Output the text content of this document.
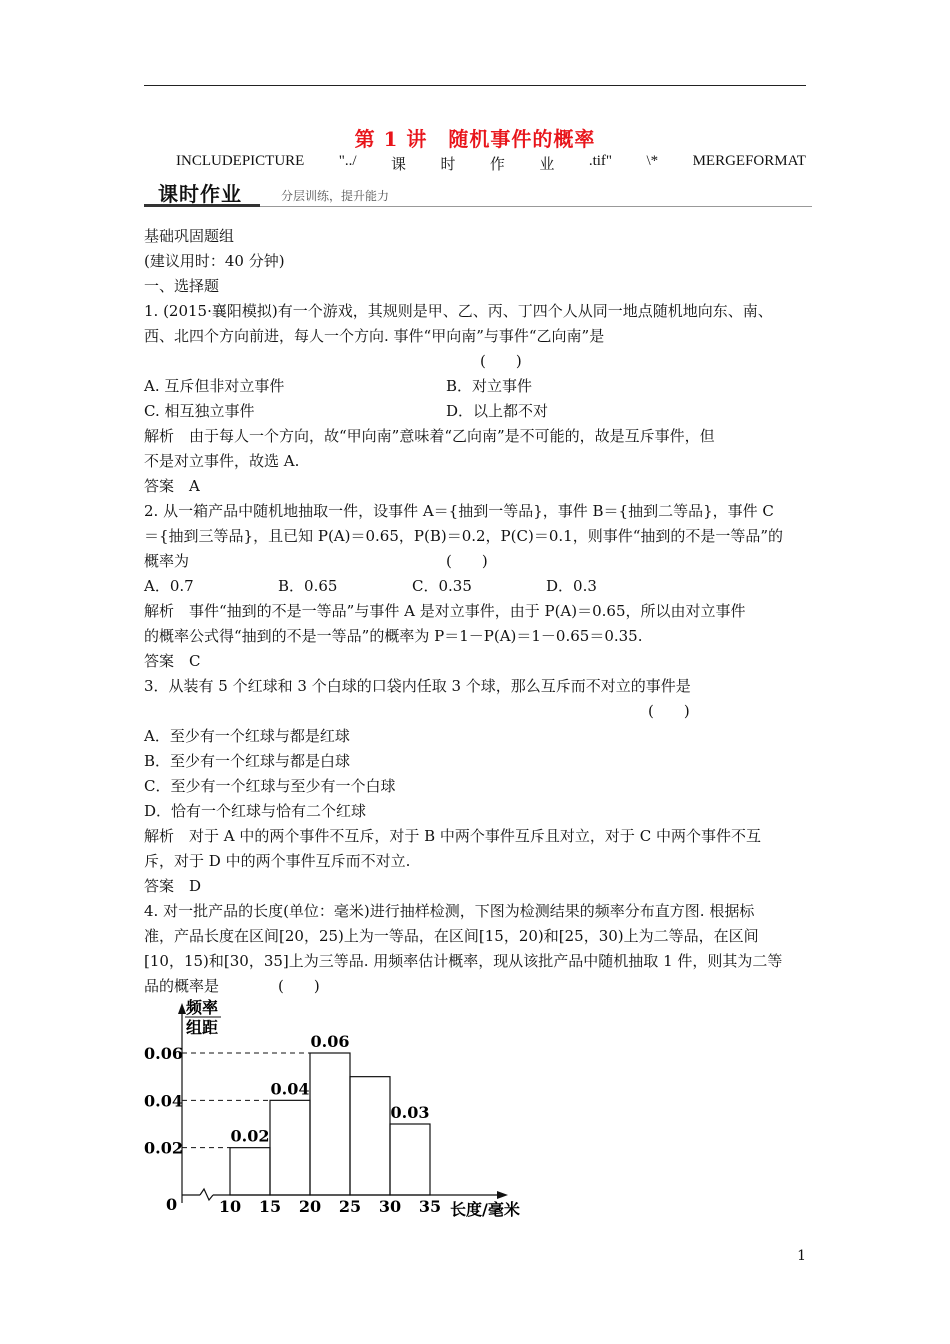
第 1 讲　随机事件的概率
INCLUDEPICTURE "../ 课 时 作 业 .tif" \* MERGEFORMAT
课时作业	分层训练，提升能力
基础巩固题组
(建议用时：40 分钟)
一、选择题
1. (2015·襄阳模拟)有一个游戏，其规则是甲、乙、丙、丁四个人从同一地点随机地向东、南、
西、北四个方向前进，每人一个方向. 事件“甲向南”与事件“乙向南”是
(　　)
A. 互斥但非对立事件	B．对立事件
C. 相互独立事件	D．以上都不对
解析　由于每人一个方向，故“甲向南”意味着“乙向南”是不可能的，故是互斥事件，但
不是对立事件，故选 A.
答案　A
2. 从一箱产品中随机地抽取一件，设事件 A＝{抽到一等品}，事件 B＝{抽到二等品}，事件 C
＝{抽到三等品}，且已知 P(A)＝0.65，P(B)＝0.2，P(C)＝0.1，则事件“抽到的不是一等品”的
概率为	(　　)
A．0.7	B．0.65	C．0.35	D．0.3
解析　事件“抽到的不是一等品”与事件 A 是对立事件，由于 P(A)＝0.65，所以由对立事件
的概率公式得“抽到的不是一等品”的概率为 P＝1－P(A)＝1－0.65＝0.35.
答案　C
3．从装有 5 个红球和 3 个白球的口袋内任取 3 个球，那么互斥而不对立的事件是
(　　)
A．至少有一个红球与都是红球
B．至少有一个红球与都是白球
C．至少有一个红球与至少有一个白球
D．恰有一个红球与恰有二个红球
解析　对于 A 中的两个事件不互斥，对于 B 中两个事件互斥且对立，对于 C 中两个事件不互
斥，对于 D 中的两个事件互斥而不对立.
答案　D
4. 对一批产品的长度(单位：毫米)进行抽样检测，下图为检测结果的频率分布直方图. 根据标
准，产品长度在区间[20，25)上为一等品，在区间[15，20)和[25，30)上为二等品，在区间
[10，15)和[30，35]上为三等品. 用频率估计概率，现从该批产品中随机抽取 1 件，则其为二等
品的概率是	(　　)
频率
组距
长度/毫米
0
0.02
0.04
0.06
0.02
0.04
0.06
0.03
10 15 20 25 30 35
1
